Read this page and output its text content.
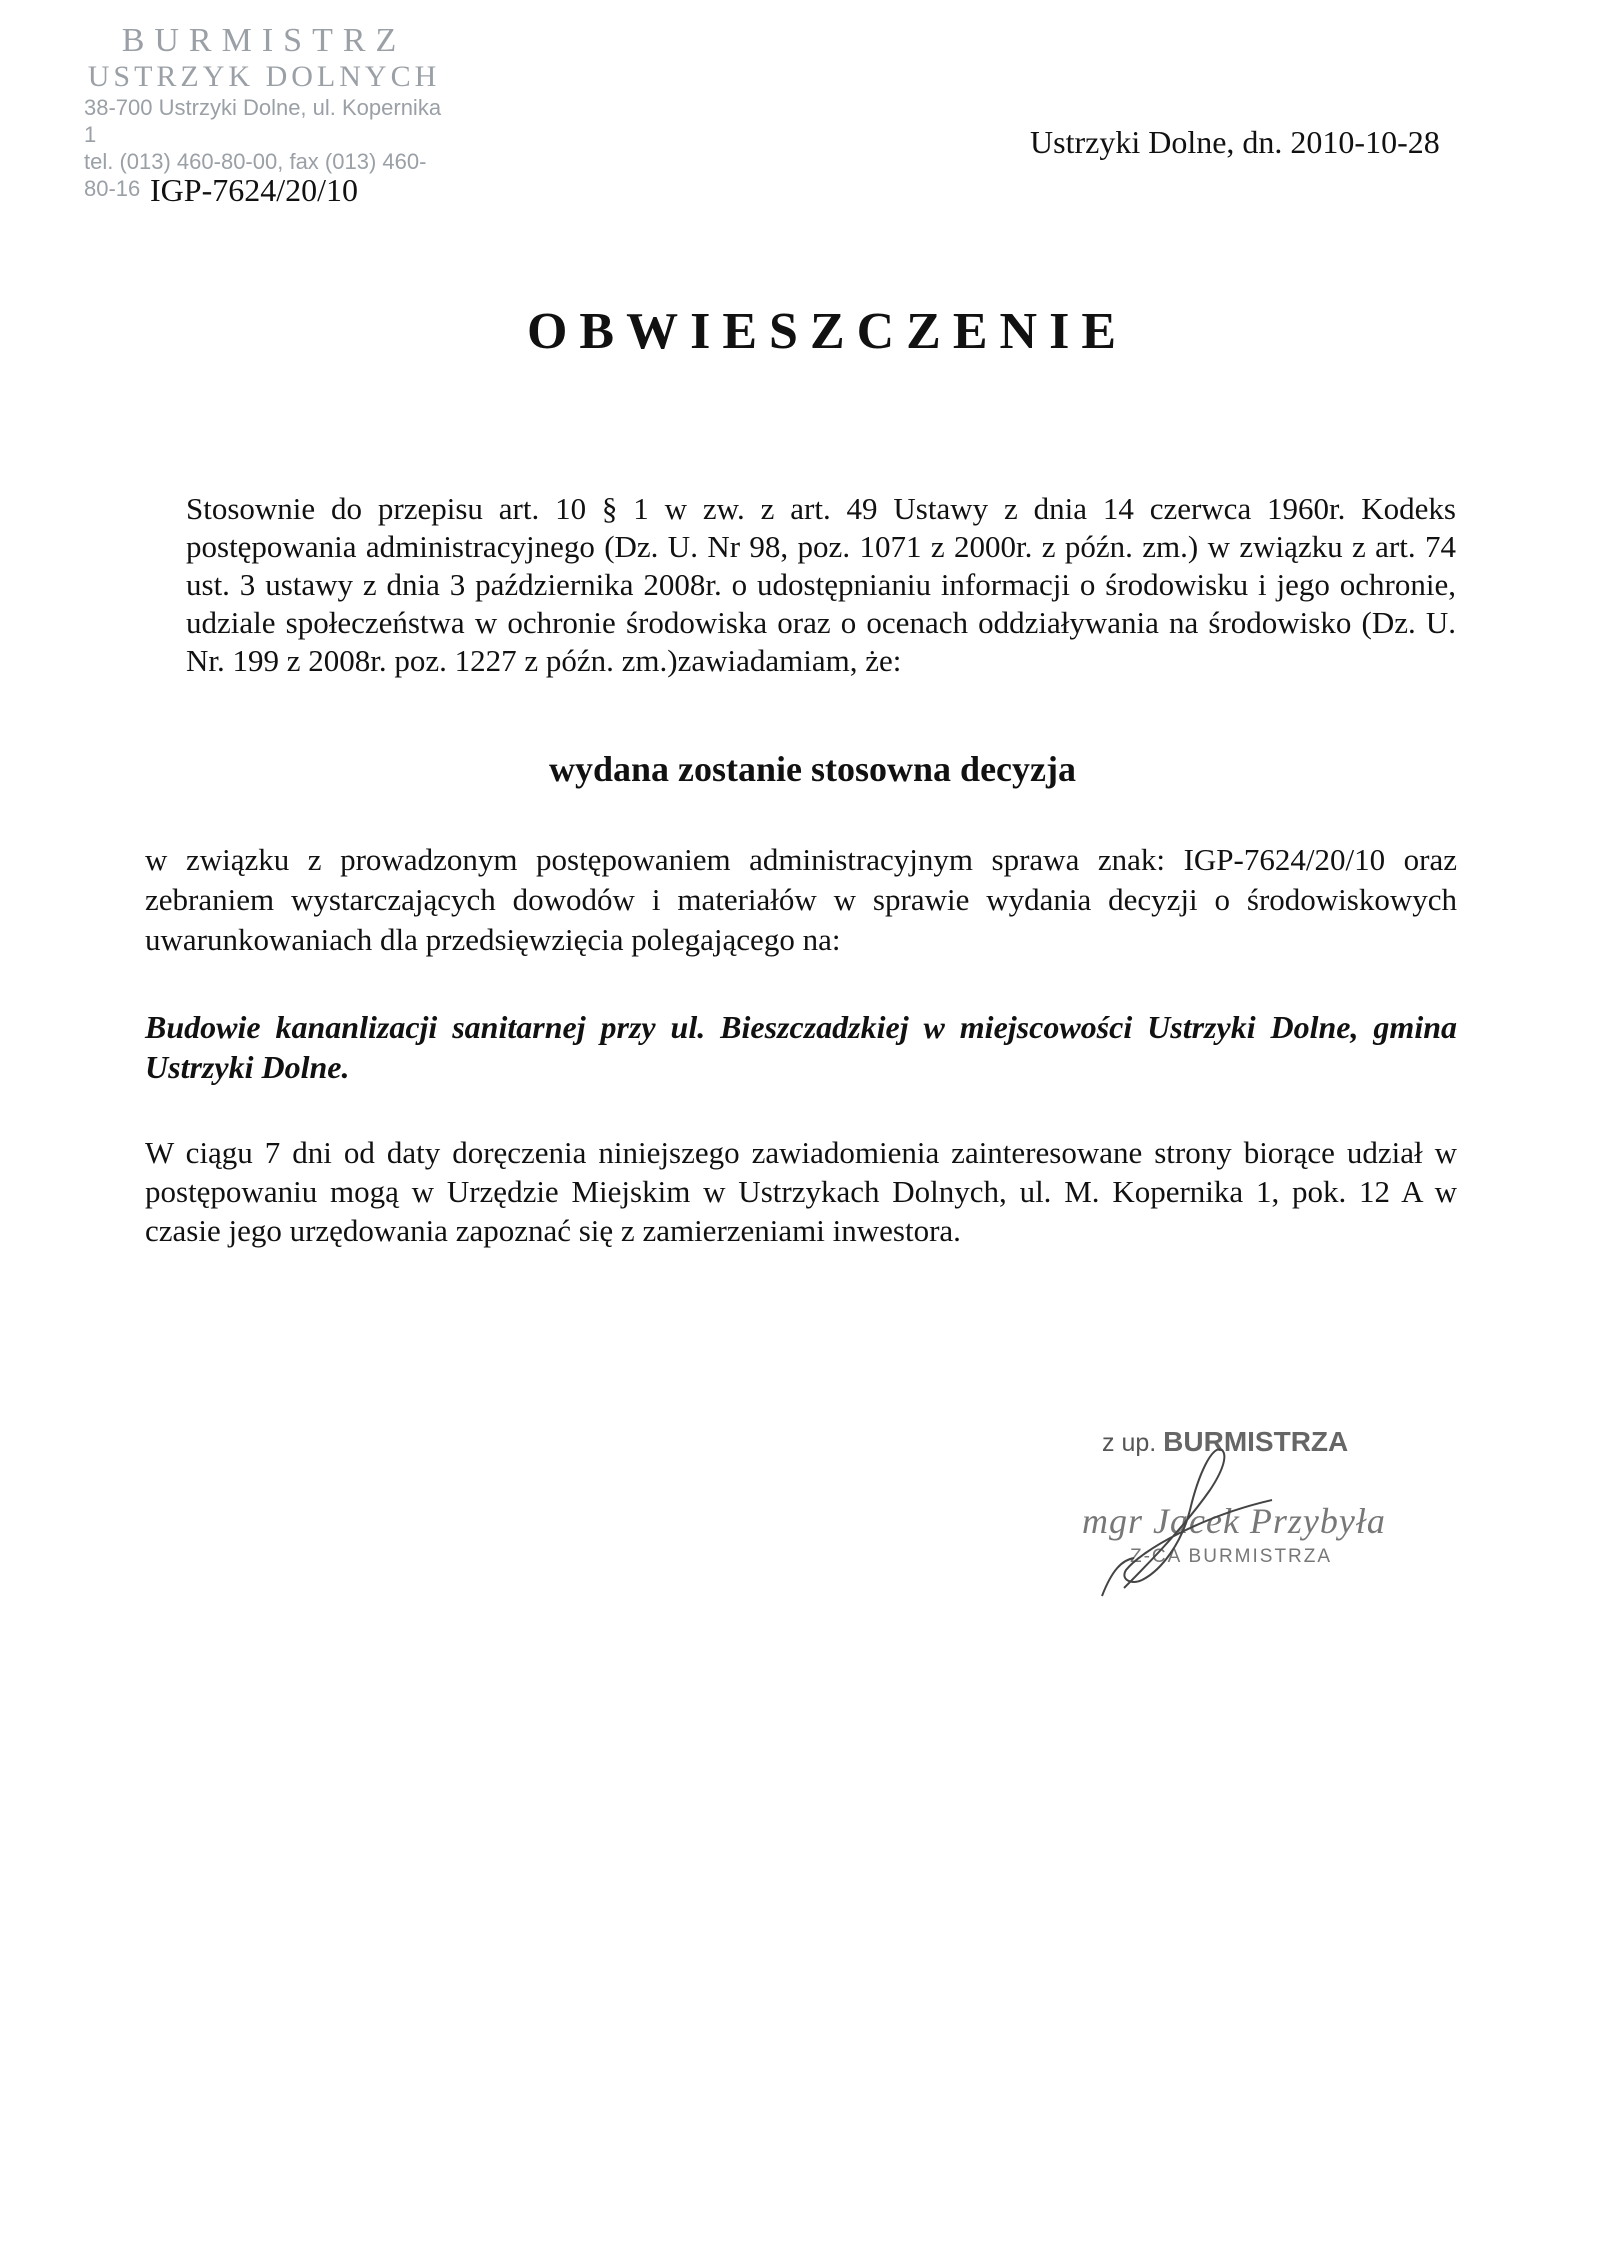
BURMISTRZ
USTRZYK DOLNYCH
38-700 Ustrzyki Dolne, ul. Kopernika 1
tel. (013) 460-80-00, fax (013) 460-80-16
Ustrzyki Dolne, dn. 2010-10-28
IGP-7624/20/10
OBWIESZCZENIE
Stosownie do przepisu art. 10 § 1 w zw. z art. 49 Ustawy z dnia 14 czerwca 1960r. Kodeks postępowania administracyjnego (Dz. U. Nr 98, poz. 1071 z 2000r. z późn. zm.) w związku z art. 74 ust. 3 ustawy z dnia 3 października 2008r. o udostępnianiu informacji o środowisku i jego ochronie, udziale społeczeństwa w ochronie środowiska oraz o ocenach oddziaływania na środowisko (Dz. U. Nr. 199 z 2008r. poz. 1227 z późn. zm.)zawiadamiam, że:
wydana zostanie stosowna decyzja
w związku z prowadzonym postępowaniem administracyjnym sprawa znak: IGP-7624/20/10 oraz zebraniem wystarczających dowodów i materiałów w sprawie wydania decyzji o środowiskowych uwarunkowaniach dla przedsięwzięcia polegającego na:
Budowie kananlizacji sanitarnej przy ul. Bieszczadzkiej w miejscowości Ustrzyki Dolne, gmina Ustrzyki Dolne.
W ciągu 7 dni od daty doręczenia niniejszego zawiadomienia zainteresowane strony biorące udział w postępowaniu mogą w Urzędzie Miejskim w Ustrzykach Dolnych, ul. M. Kopernika 1, pok. 12 A w czasie jego urzędowania zapoznać się z zamierzeniami inwestora.
z up. BURMISTRZA
mgr Jacek Przybyła
Z-CA BURMISTRZA
